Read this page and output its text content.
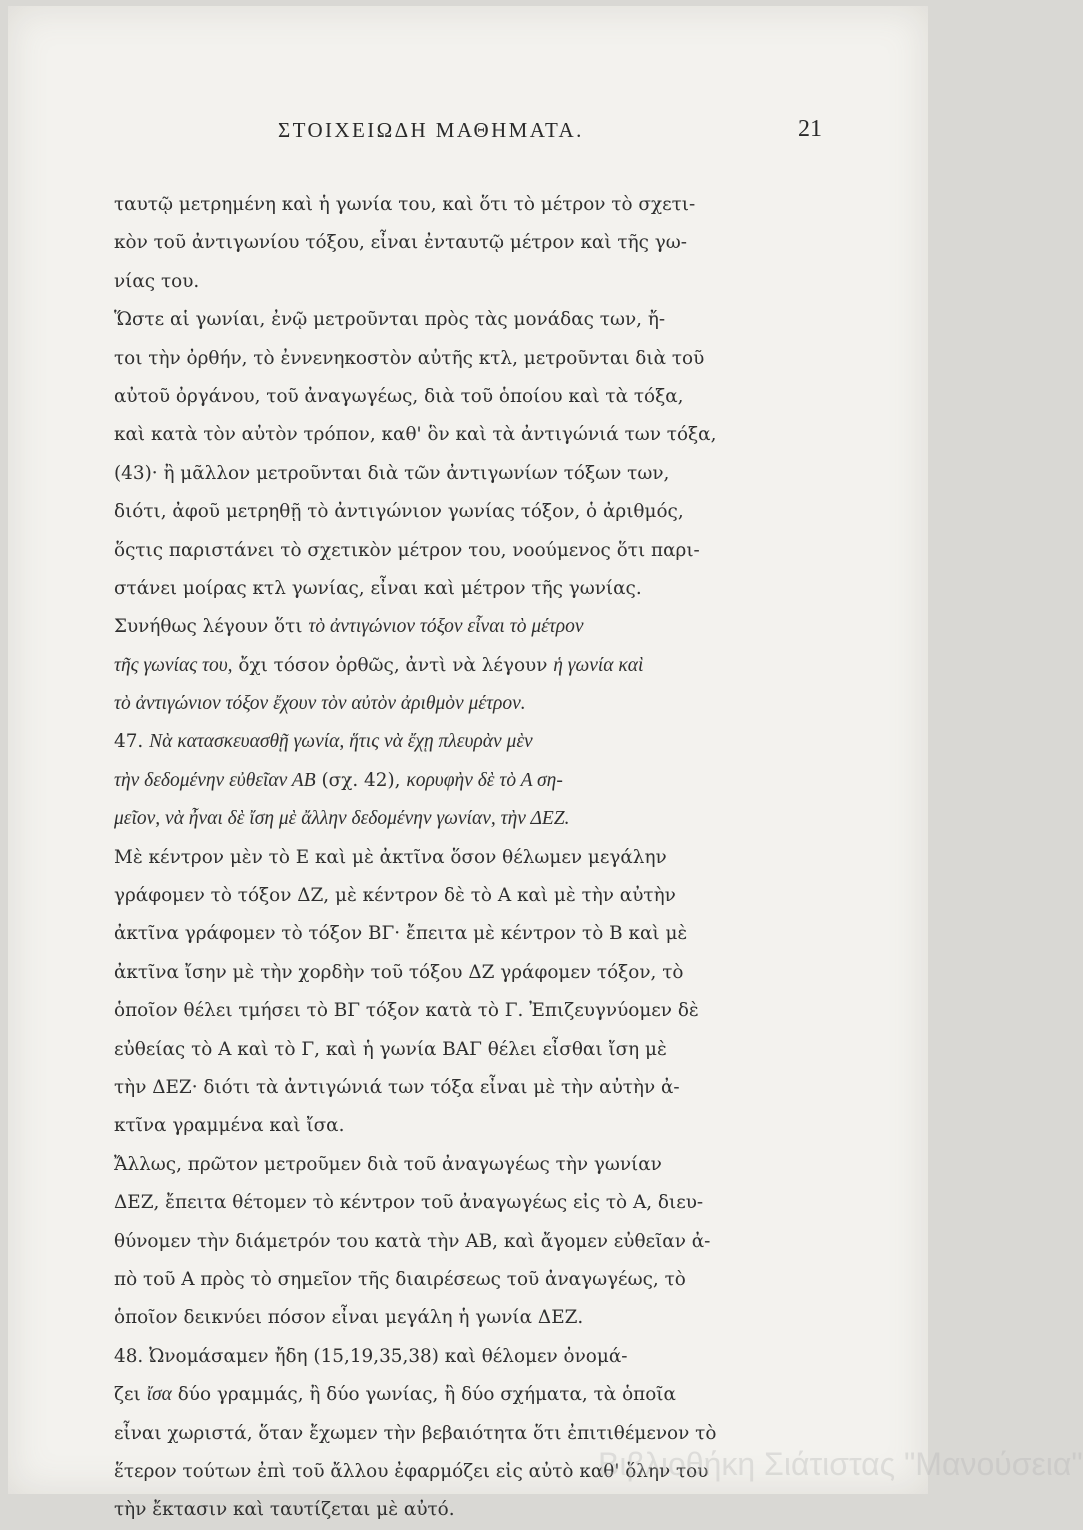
ΣΤΟΙΧΕΙΩΔΗ ΜΑΘΗΜΑΤΑ.	21
ταυτῷ μετρημένη καὶ ἡ γωνία του, καὶ ὅτι τὸ μέτρον τὸ σχετι-
κὸν τοῦ ἀντιγωνίου τόξου, εἶναι ἐνταυτῷ μέτρον καὶ τῆς γω-
νίας του.
Ὥστε αἱ γωνίαι, ἐνῷ μετροῦνται πρὸς τὰς μονάδας των, ἤ-
τοι τὴν ὀρθήν, τὸ ἐννενηκοστὸν αὐτῆς κτλ, μετροῦνται διὰ τοῦ
αὐτοῦ ὀργάνου, τοῦ ἀναγωγέως, διὰ τοῦ ὁποίου καὶ τὰ τόξα,
καὶ κατὰ τὸν αὐτὸν τρόπον, καθ' ὃν καὶ τὰ ἀντιγώνιά των τόξα,
(43)· ἢ μᾶλλον μετροῦνται διὰ τῶν ἀντιγωνίων τόξων των,
διότι, ἀφοῦ μετρηθῇ τὸ ἀντιγώνιον γωνίας τόξον, ὁ ἀριθμός,
ὅςτις παριστάνει τὸ σχετικὸν μέτρον του, νοούμενος ὅτι παρι-
στάνει μοίρας κτλ γωνίας, εἶναι καὶ μέτρον τῆς γωνίας.
Συνήθως λέγουν ὅτι τὸ ἀντιγώνιον τόξον εἶναι τὸ μέτρον
τῆς γωνίας του, ὄχι τόσον ὀρθῶς, ἀντὶ νὰ λέγουν ἡ γωνία καὶ
τὸ ἀντιγώνιον τόξον ἔχουν τὸν αὐτὸν ἀριθμὸν μέτρον.
47. Νὰ κατασκευασθῇ γωνία, ἥτις νὰ ἔχῃ πλευρὰν μὲν
τὴν δεδομένην εὐθεῖαν ΑΒ (σχ. 42), κορυφὴν δὲ τὸ Α ση-
μεῖον, νὰ ἦναι δὲ ἴση μὲ ἄλλην δεδομένην γωνίαν, τὴν ΔΕΖ.
Μὲ κέντρον μὲν τὸ Ε καὶ μὲ ἀκτῖνα ὅσον θέλωμεν μεγάλην
γράφομεν τὸ τόξον ΔΖ, μὲ κέντρον δὲ τὸ Α καὶ μὲ τὴν αὐτὴν
ἀκτῖνα γράφομεν τὸ τόξον ΒΓ· ἔπειτα μὲ κέντρον τὸ Β καὶ μὲ
ἀκτῖνα ἴσην μὲ τὴν χορδὴν τοῦ τόξου ΔΖ γράφομεν τόξον, τὸ
ὁποῖον θέλει τμήσει τὸ ΒΓ τόξον κατὰ τὸ Γ. Ἐπιζευγνύομεν δὲ
εὐθείας τὸ Α καὶ τὸ Γ, καὶ ἡ γωνία ΒΑΓ θέλει εἶσθαι ἴση μὲ
τὴν ΔΕΖ· διότι τὰ ἀντιγώνιά των τόξα εἶναι μὲ τὴν αὐτὴν ἀ-
κτῖνα γραμμένα καὶ ἴσα.
Ἄλλως, πρῶτον μετροῦμεν διὰ τοῦ ἀναγωγέως τὴν γωνίαν
ΔΕΖ, ἔπειτα θέτομεν τὸ κέντρον τοῦ ἀναγωγέως εἰς τὸ Α, διευ-
θύνομεν τὴν διάμετρόν του κατὰ τὴν ΑΒ, καὶ ἄγομεν εὐθεῖαν ἀ-
πὸ τοῦ Α πρὸς τὸ σημεῖον τῆς διαιρέσεως τοῦ ἀναγωγέως, τὸ
ὁποῖον δεικνύει πόσον εἶναι μεγάλη ἡ γωνία ΔΕΖ.
48. Ὠνομάσαμεν ἤδη (15,19,35,38) καὶ θέλομεν ὀνομά-
ζει ἴσα δύο γραμμάς, ἢ δύο γωνίας, ἢ δύο σχήματα, τὰ ὁποῖα
εἶναι χωριστά, ὅταν ἔχωμεν τὴν βεβαιότητα ὅτι ἐπιτιθέμενον τὸ
ἕτερον τούτων ἐπὶ τοῦ ἄλλου ἐφαρμόζει εἰς αὐτὸ καθ' ὅλην του
τὴν ἔκτασιν καὶ ταυτίζεται μὲ αὐτό.
Βιβλιοθήκη Σιάτιστας "Μανούσεια"
